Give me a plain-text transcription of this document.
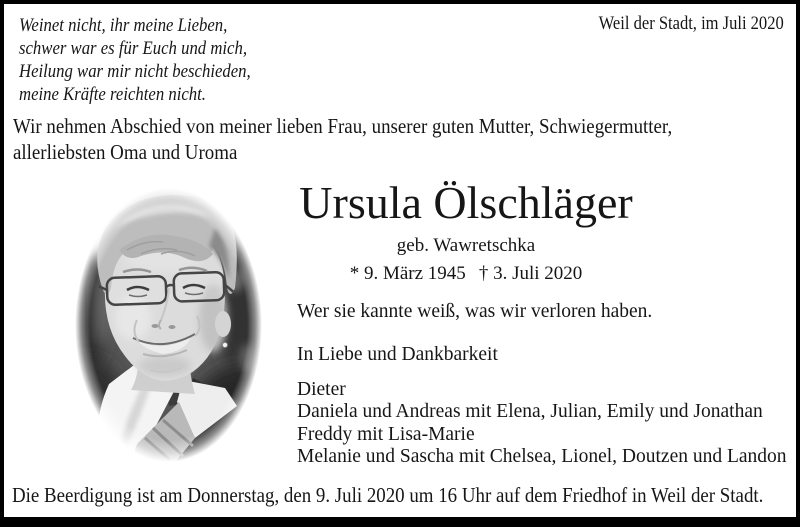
Weinet nicht, ihr meine Lieben,
schwer war es für Euch und mich,
Heilung war mir nicht beschieden,
meine Kräfte reichten nicht.
Weil der Stadt, im Juli 2020
Wir nehmen Abschied von meiner lieben Frau, unserer guten Mutter, Schwiegermutter,
allerliebsten Oma und Uroma
Ursula Ölschläger
geb. Wawretschka
* 9. März 1945 † 3. Juli 2020
Wer sie kannte weiß, was wir verloren haben.
In Liebe und Dankbarkeit
Dieter
Daniela und Andreas mit Elena, Julian, Emily und Jonathan
Freddy mit Lisa-Marie
Melanie und Sascha mit Chelsea, Lionel, Doutzen und Landon
Die Beerdigung ist am Donnerstag, den 9. Juli 2020 um 16 Uhr auf dem Friedhof in Weil der Stadt.
